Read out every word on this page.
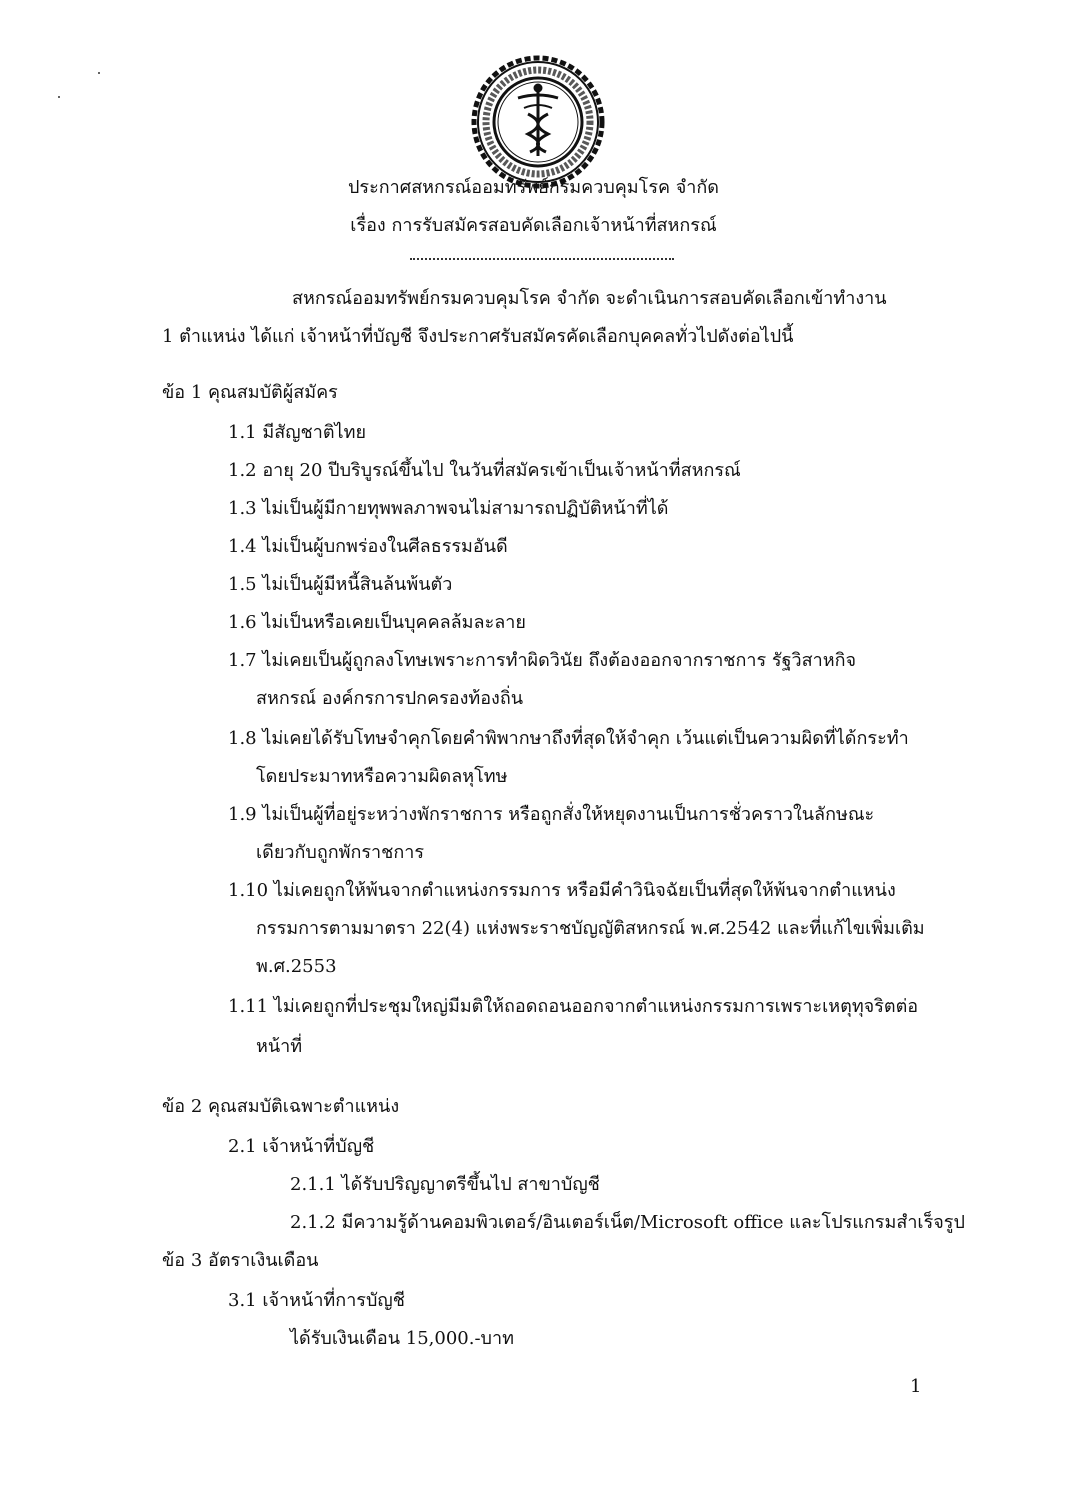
ประกาศสหกรณ์ออมทรัพย์กรมควบคุมโรค จำกัด
เรื่อง การรับสมัครสอบคัดเลือกเจ้าหน้าที่สหกรณ์
สหกรณ์ออมทรัพย์กรมควบคุมโรค จำกัด จะดำเนินการสอบคัดเลือกเข้าทำงาน
1 ตำแหน่ง ได้แก่ เจ้าหน้าที่บัญชี จึงประกาศรับสมัครคัดเลือกบุคคลทั่วไปดังต่อไปนี้
ข้อ 1 คุณสมบัติผู้สมัคร
1.1 มีสัญชาติไทย
1.2 อายุ 20 ปีบริบูรณ์ขึ้นไป ในวันที่สมัครเข้าเป็นเจ้าหน้าที่สหกรณ์
1.3 ไม่เป็นผู้มีกายทุพพลภาพจนไม่สามารถปฏิบัติหน้าที่ได้
1.4 ไม่เป็นผู้บกพร่องในศีลธรรมอันดี
1.5 ไม่เป็นผู้มีหนี้สินล้นพ้นตัว
1.6 ไม่เป็นหรือเคยเป็นบุคคลล้มละลาย
1.7 ไม่เคยเป็นผู้ถูกลงโทษเพราะการทำผิดวินัย ถึงต้องออกจากราชการ รัฐวิสาหกิจ
สหกรณ์ องค์กรการปกครองท้องถิ่น
1.8 ไม่เคยได้รับโทษจำคุกโดยคำพิพากษาถึงที่สุดให้จำคุก เว้นแต่เป็นความผิดที่ได้กระทำ
โดยประมาทหรือความผิดลหุโทษ
1.9 ไม่เป็นผู้ที่อยู่ระหว่างพักราชการ หรือถูกสั่งให้หยุดงานเป็นการชั่วคราวในลักษณะ
เดียวกับถูกพักราชการ
1.10 ไม่เคยถูกให้พ้นจากตำแหน่งกรรมการ หรือมีคำวินิจฉัยเป็นที่สุดให้พ้นจากตำแหน่ง
กรรมการตามมาตรา 22(4) แห่งพระราชบัญญัติสหกรณ์ พ.ศ.2542 และที่แก้ไขเพิ่มเติม
พ.ศ.2553
1.11 ไม่เคยถูกที่ประชุมใหญ่มีมติให้ถอดถอนออกจากตำแหน่งกรรมการเพราะเหตุทุจริตต่อ
หน้าที่
ข้อ 2 คุณสมบัติเฉพาะตำแหน่ง
2.1 เจ้าหน้าที่บัญชี
2.1.1 ได้รับปริญญาตรีขึ้นไป สาขาบัญชี
2.1.2 มีความรู้ด้านคอมพิวเตอร์/อินเตอร์เน็ต/Microsoft office และโปรแกรมสำเร็จรูป
ข้อ 3 อัตราเงินเดือน
3.1 เจ้าหน้าที่การบัญชี
ได้รับเงินเดือน 15,000.-บาท
1
